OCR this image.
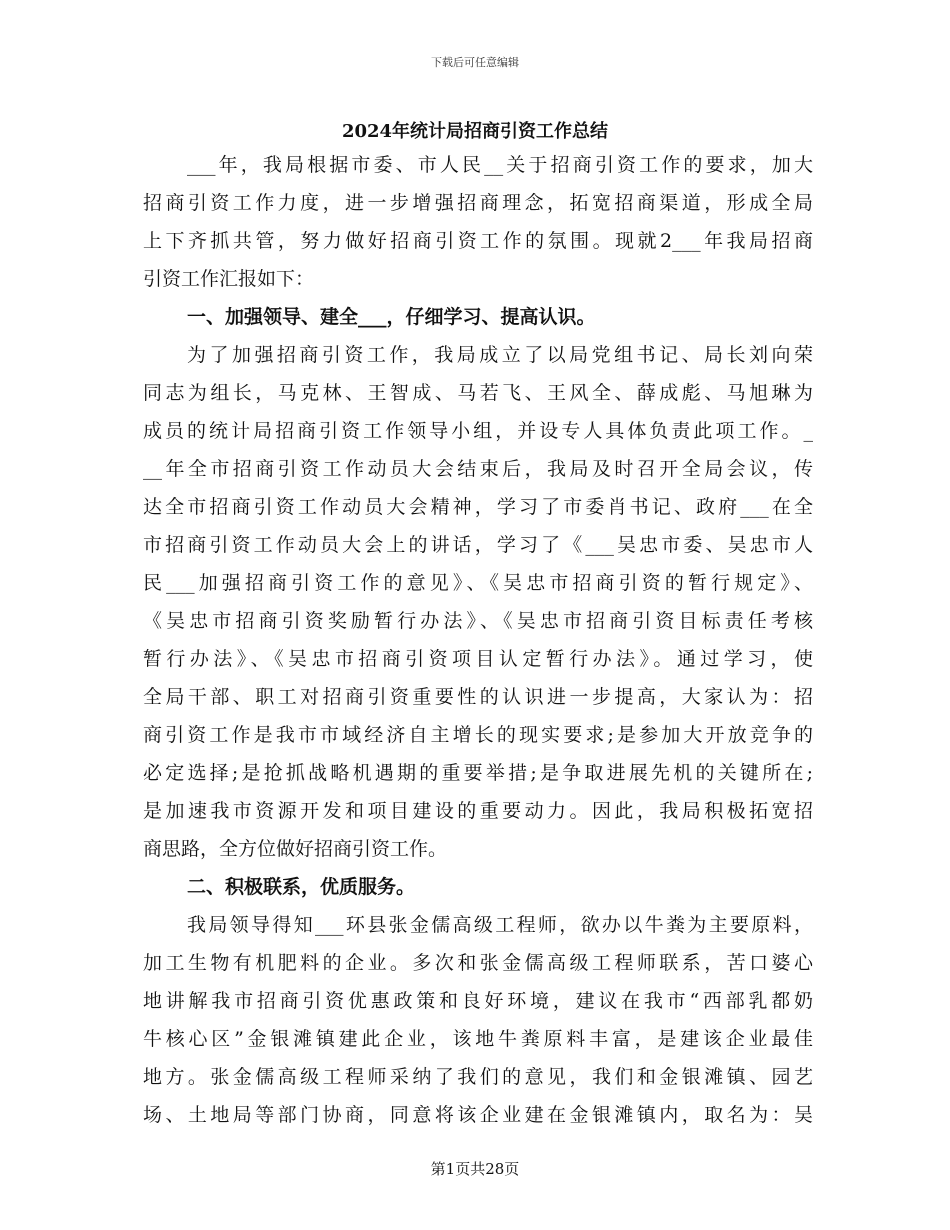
下载后可任意编辑
2024年统计局招商引资工作总结
___年，我局根据市委、市人民__关于招商引资工作的要求，加大
招商引资工作力度，进一步增强招商理念，拓宽招商渠道，形成全局
上下齐抓共管，努力做好招商引资工作的氛围。现就2___年我局招商
引资工作汇报如下：
一、加强领导、建全___，仔细学习、提高认识。
为了加强招商引资工作，我局成立了以局党组书记、局长刘向荣
同志为组长，马克林、王智成、马若飞、王风全、薛成彪、马旭琳为
成员的统计局招商引资工作领导小组，并设专人具体负责此项工作。_
__年全市招商引资工作动员大会结束后，我局及时召开全局会议，传
达全市招商引资工作动员大会精神，学习了市委肖书记、政府___在全
市招商引资工作动员大会上的讲话，学习了《___吴忠市委、吴忠市人
民___加强招商引资工作的意见》、《吴忠市招商引资的暂行规定》、
《吴忠市招商引资奖励暂行办法》、《吴忠市招商引资目标责任考核
暂行办法》、《吴忠市招商引资项目认定暂行办法》。通过学习，使
全局干部、职工对招商引资重要性的认识进一步提高，大家认为：招
商引资工作是我市市域经济自主增长的现实要求;是参加大开放竞争的
必定选择;是抢抓战略机遇期的重要举措;是争取进展先机的关键所在;
是加速我市资源开发和项目建设的重要动力。因此，我局积极拓宽招
商思路，全方位做好招商引资工作。
二、积极联系，优质服务。
我局领导得知___环县张金儒高级工程师，欲办以牛粪为主要原料，
加工生物有机肥料的企业。多次和张金儒高级工程师联系，苦口婆心
地讲解我市招商引资优惠政策和良好环境，建议在我市“西部乳都奶
牛核心区”金银滩镇建此企业，该地牛粪原料丰富，是建该企业最佳
地方。张金儒高级工程师采纳了我们的意见，我们和金银滩镇、园艺
场、土地局等部门协商，同意将该企业建在金银滩镇内，取名为：吴
第1页共28页
